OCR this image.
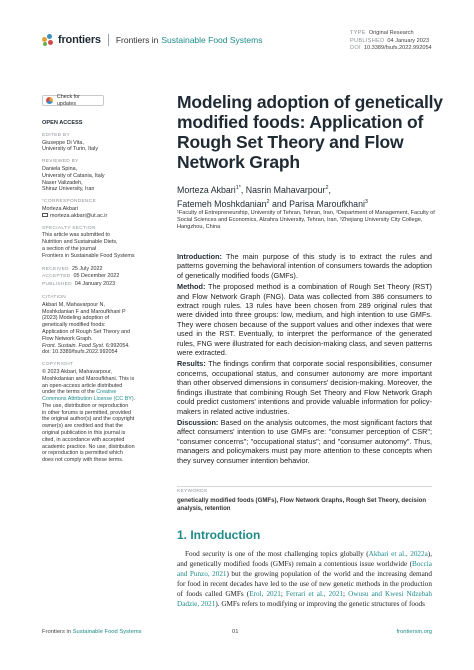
frontiers Frontiers in Sustainable Food Systems
TYPE Original Research
PUBLISHED 04 January 2023
DOI 10.3389/fsufs.2022.992054
Check for updates
OPEN ACCESS
EDITED BY
Giuseppe Di Vita,
University of Turin, Italy
REVIEWED BY
Daniela Spina,
University of Catania, Italy
Naser Valizadeh,
Shiraz University, Iran
*CORRESPONDENCE
Morteza Akbari
morteza.akbari@ut.ac.ir
SPECIALTY SECTION
This article was submitted to
Nutrition and Sustainable Diets,
a section of the journal
Frontiers in Sustainable Food Systems
RECEIVED 25 July 2022
ACCEPTED 05 December 2022
PUBLISHED 04 January 2023
CITATION
Akbari M, Mahavarpour N,
Moshkdanian F and Maroufkhani P
(2023) Modeling adoption of
genetically modified foods:
Application of Rough Set Theory and
Flow Network Graph.
Front. Sustain. Food Syst. 6:992054.
doi: 10.3389/fsufs.2022.992054
COPYRIGHT
© 2023 Akbari, Mahavarpour,
Moshkdanian and Maroufkhani. This is
an open-access article distributed
under the terms of the Creative
Commons Attribution License (CC BY).
The use, distribution or reproduction
in other forums is permitted, provided
the original author(s) and the copyright
owner(s) are credited and that the
original publication in this journal is
cited, in accordance with accepted
academic practice. No use, distribution
or reproduction is permitted which
does not comply with these terms.
Modeling adoption of genetically modified foods: Application of Rough Set Theory and Flow Network Graph
Morteza Akbari$^{1*}$, Nasrin Mahavarpour$^2$,
Fatemeh Moshkdanian$^2$ and Parisa Maroufkhani$^3$
¹Faculty of Entrepreneurship, University of Tehran, Tehran, Iran, ²Department of Management, Faculty of Social Sciences and Economics, Alzahra University, Tehran, Iran, ³Zhejiang University City College, Hangzhou, China

Introduction: The main purpose of this study is to extract the rules and patterns governing the behavioral intention of consumers towards the adoption of genetically modified foods (GMFs).

Method: The proposed method is a combination of Rough Set Theory (RST) and Flow Network Graph (FNG). Data was collected from 386 consumers to extract rough rules. 13 rules have been chosen from 289 original rules that were divided into three groups: low, medium, and high intention to use GMFs. They were chosen because of the support values and other indexes that were used in the RST. Eventually, to interpret the performance of the generated rules, FNG were illustrated for each decision-making class, and seven patterns were extracted.

Results: The findings confirm that corporate social responsibilities, consumer concerns, occupational status, and consumer autonomy are more important than other observed dimensions in consumers' decision-making. Moreover, the findings illustrate that combining Rough Set Theory and Flow Network Graph could predict customers' intentions and provide valuable information for policy-makers in related active industries.

Discussion: Based on the analysis outcomes, the most significant factors that affect consumers' intention to use GMFs are: "consumer perception of CSR"; "consumer concerns"; "occupational status"; and "consumer autonomy". Thus, managers and policymakers must pay more attention to these concepts when they survey consumer intention behavior.

KEYWORDS
genetically modified foods (GMFs), Flow Network Graphs, Rough Set Theory, decision analysis, retention
1. Introduction

Food security is one of the most challenging topics globally (Akbari et al., 2022a), and genetically modified foods (GMFs) remain a contentious issue worldwide (Boccia and Punzo, 2021) but the growing population of the world and the increasing demand for food in recent decades have led to the use of new genetic methods in the production of foods called GMFs (Erol, 2021; Ferrari et al., 2021; Owusu and Kwesi Ndzebah Dadzie, 2021). GMFs refers to modifying or improving the genetic structures of foods

Frontiers in Sustainable Food Systems	01	frontiersin.org
